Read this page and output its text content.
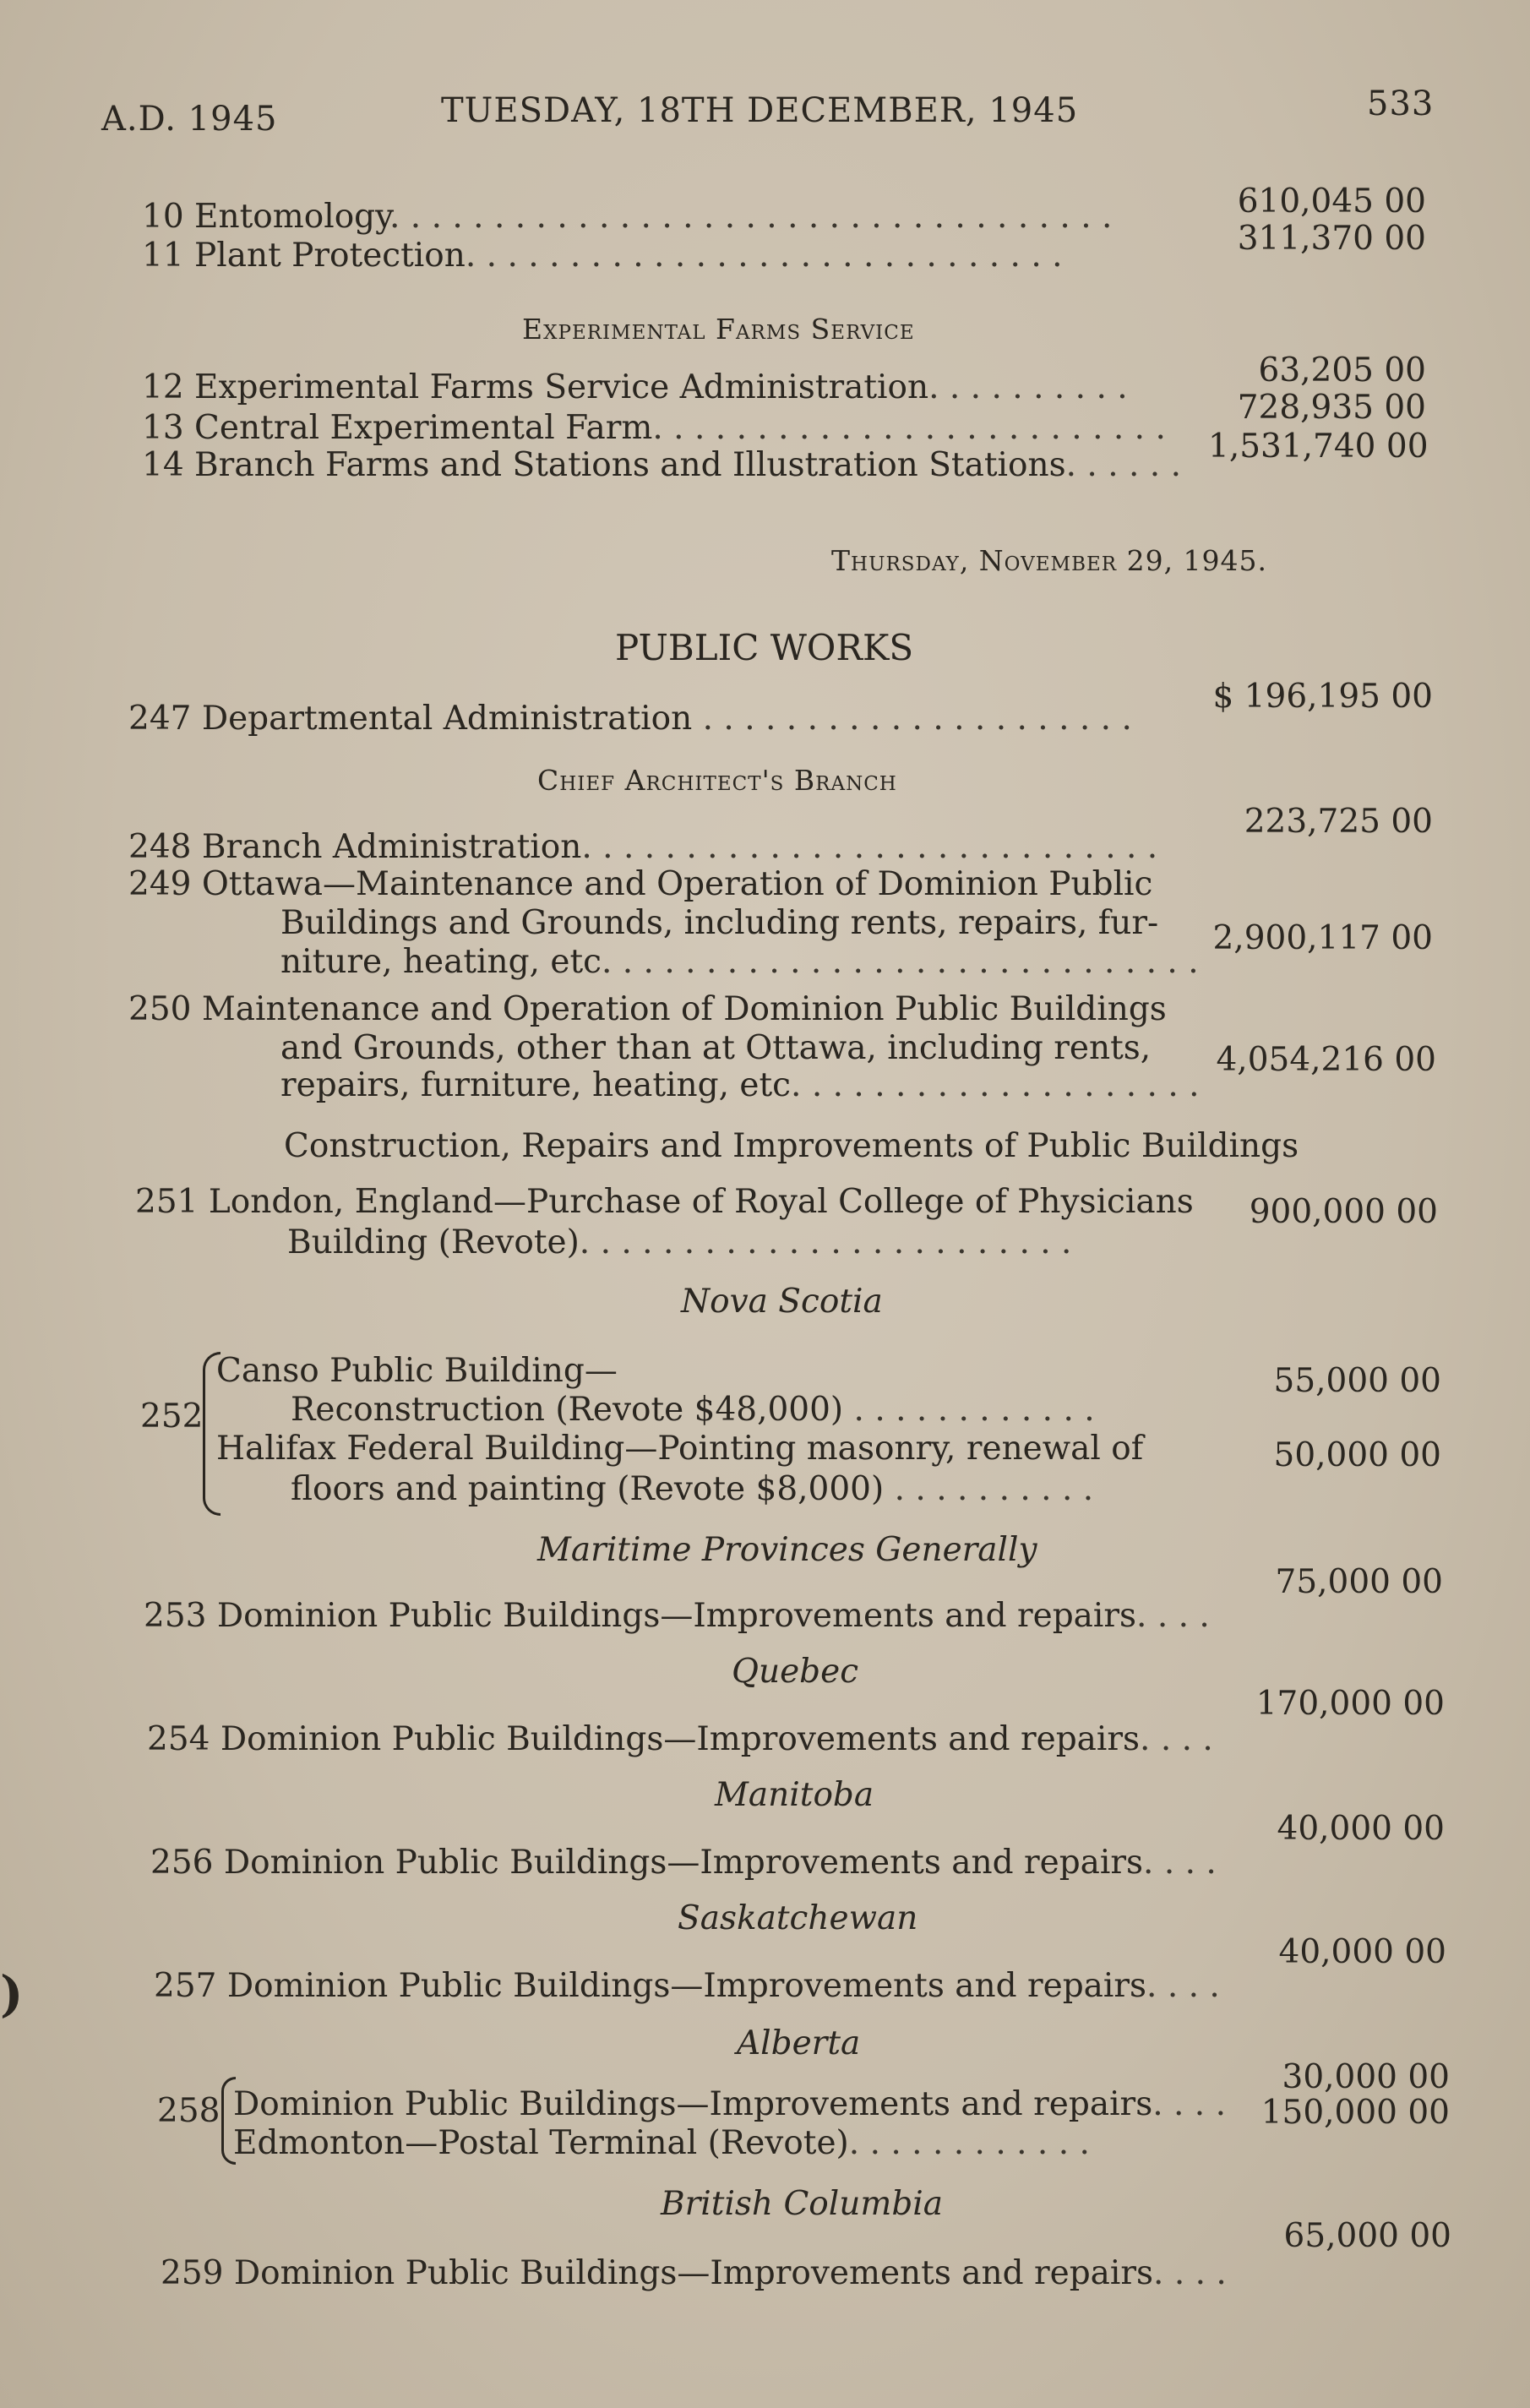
A.D. 1945	TUESDAY, 18TH DECEMBER, 1945	533
10 Entomology. . . . . . . . . . . . . . . . . . . . . . . . . . . . . . . . . . .	610,045 00
11 Plant Protection. . . . . . . . . . . . . . . . . . . . . . . . . . . . .	311,370 00
Experimental Farms Service
12 Experimental Farms Service Administration. . . . . . . . . .	63,205 00
13 Central Experimental Farm. . . . . . . . . . . . . . . . . . . . . . . . .
728,935 00
14 Branch Farms and Stations and Illustration Stations. . . . . . 1,531,740 00
Thursday, November 29, 1945.
PUBLIC WORKS
247 Departmental Administration . . . . . . . . . . . . . . . . . . . . .
$ 196,195 00
Chief Architect's Branch
248 Branch Administration. . . . . . . . . . . . . . . . . . . . . . . . . . . .
223,725 00
249 Ottawa—Maintenance and Operation of Dominion Public
Buildings and Grounds, including rents, repairs, fur-
niture, heating, etc. . . . . . . . . . . . . . . . . . . . . . . . . . . . .
2,900,117 00
250 Maintenance and Operation of Dominion Public Buildings
and Grounds, other than at Ottawa, including rents,
repairs, furniture, heating, etc. . . . . . . . . . . . . . . . . . . .
4,054,216 00
Construction, Repairs and Improvements of Public Buildings
251 London, England—Purchase of Royal College of Physicians
Building (Revote). . . . . . . . . . . . . . . . . . . . . . . .
900,000 00
Nova Scotia
252
Canso Public Building—
Reconstruction (Revote $48,000) . . . . . . . . . . . .
55,000 00
Halifax Federal Building—Pointing masonry, renewal of
floors and painting (Revote $8,000) . . . . . . . . . .
50,000 00
Maritime Provinces Generally
253 Dominion Public Buildings—Improvements and repairs. . . .
75,000 00
Quebec
254 Dominion Public Buildings—Improvements and repairs. . . .
170,000 00
Manitoba
256 Dominion Public Buildings—Improvements and repairs. . . .
40,000 00
Saskatchewan
257 Dominion Public Buildings—Improvements and repairs. . . .
40,000 00
Alberta
258 Dominion Public Buildings—Improvements and repairs. . . .
30,000 00
Edmonton—Postal Terminal (Revote). . . . . . . . . . . .
150,000 00
British Columbia
259 Dominion Public Buildings—Improvements and repairs. . . .
65,000 00
)
